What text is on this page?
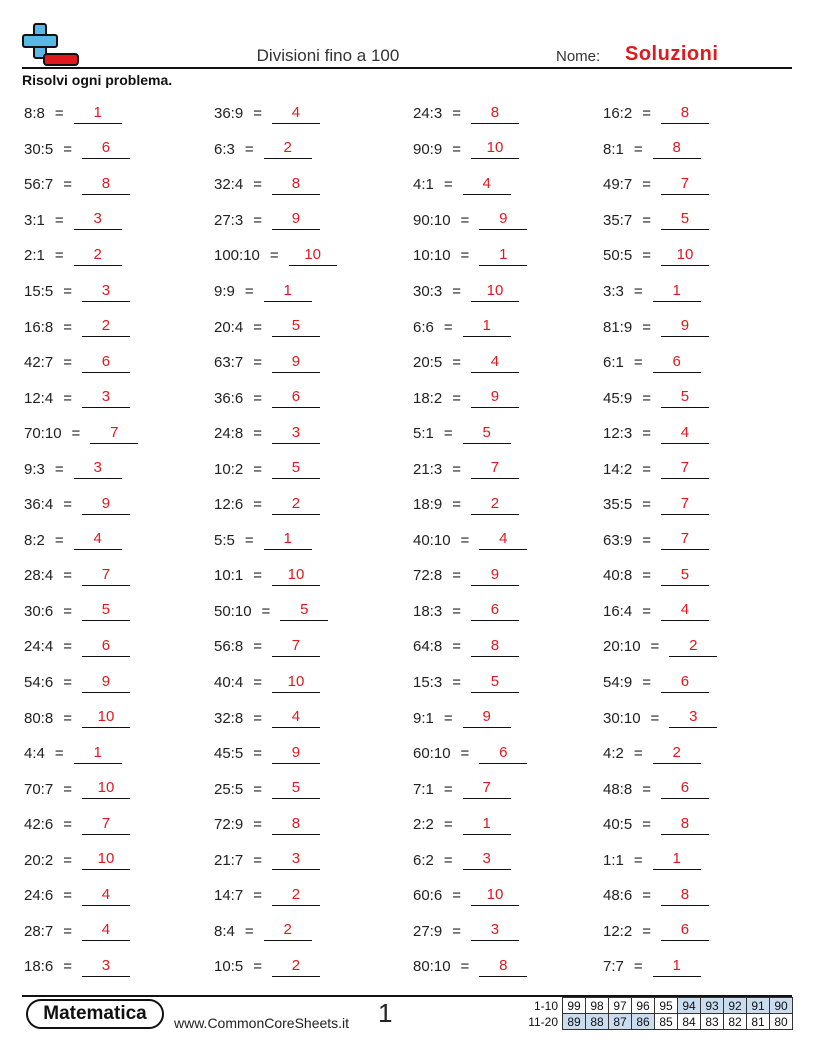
Divisioni fino a 100	Nome: Soluzioni
Risolvi ogni problema.
8:8 =	1	36:9 =	4	24:3 =	8	16:2 =	8
30:5 =	6	6:3 =	2	90:9 =	10	8:1 =	8
56:7 =	8	32:4 =	8	4:1 =	4	49:7 =	7
3:1 =	3	27:3 =	9	90:10 =	9	35:7 =	5
2:1 =	2	100:10 =	10	10:10 =	1	50:5 =	10
15:5 =	3	9:9 =	1	30:3 =	10	3:3 =	1
16:8 =	2	20:4 =	5	6:6 =	1	81:9 =	9
42:7 =	6	63:7 =	9	20:5 =	4	6:1 =	6
12:4 =	3	36:6 =	6	18:2 =	9	45:9 =	5
70:10 =	7	24:8 =	3	5:1 =	5	12:3 =	4
9:3 =	3	10:2 =	5	21:3 =	7	14:2 =	7
36:4 =	9	12:6 =	2	18:9 =	2	35:5 =	7
8:2 =	4	5:5 =	1	40:10 =	4	63:9 =	7
28:4 =	7	10:1 =	10	72:8 =	9	40:8 =	5
30:6 =	5	50:10 =	5	18:3 =	6	16:4 =	4
24:4 =	6	56:8 =	7	64:8 =	8	20:10 =	2
54:6 =	9	40:4 =	10	15:3 =	5	54:9 =	6
80:8 =	10	32:8 =	4	9:1 =	9	30:10 =	3
4:4 =	1	45:5 =	9	60:10 =	6	4:2 =	2
70:7 =	10	25:5 =	5	7:1 =	7	48:8 =	6
42:6 =	7	72:9 =	8	2:2 =	1	40:5 =	8
20:2 =	10	21:7 =	3	6:2 =	3	1:1 =	1
24:6 =	4	14:7 =	2	60:6 =	10	48:6 =	8
28:7 =	4	8:4 =	2	27:9 =	3	12:2 =	6
18:6 =	3	10:5 =	2	80:10 =	8	7:7 =	1
Matematica	www.CommonCoreSheets.it 1	1-10	99	98	97	96	95	94	93	92	91	90
11-20	89	88	87	86	85	84	83	82	81	80
